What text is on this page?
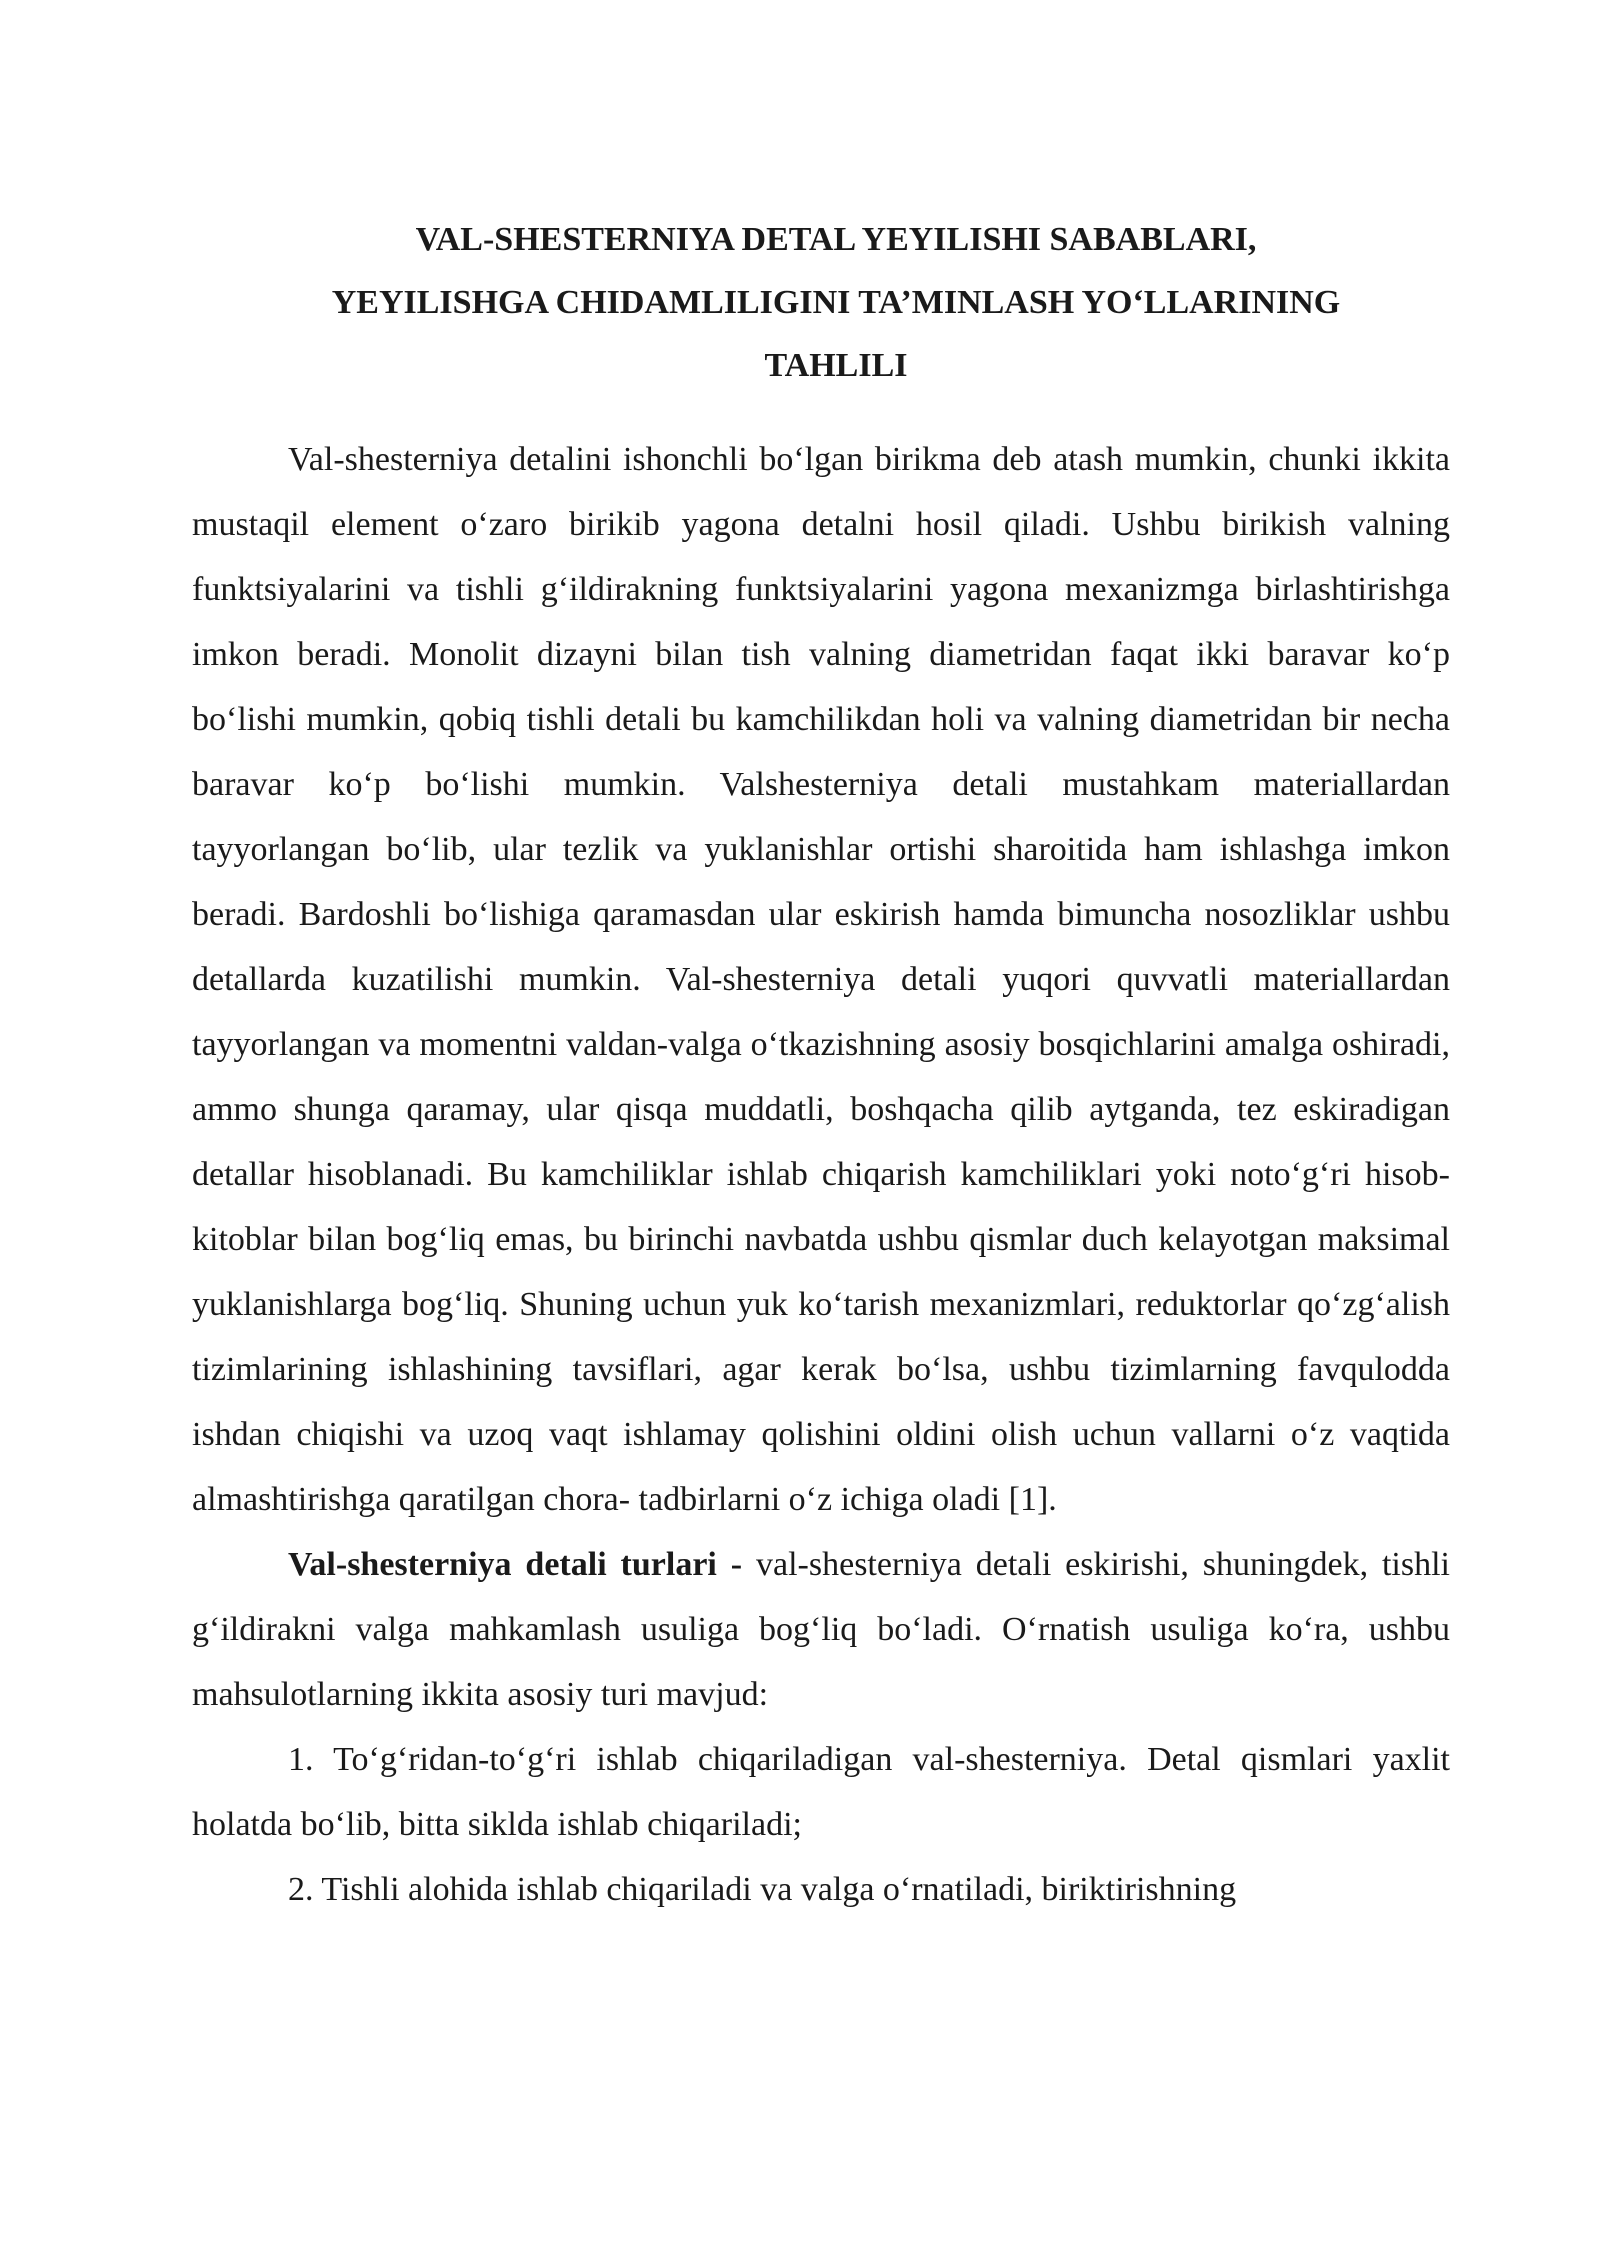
VAL-SHESTERNIYA DETAL YEYILISHI SABABLARI,
YEYILISHGA CHIDAMLILIGINI TA’MINLASH YO‘LLARINING
TAHLILI

Val-shesterniya detalini ishonchli bo‘lgan birikma deb atash mumkin, chunki ikkita mustaqil element o‘zaro birikib yagona detalni hosil qiladi. Ushbu birikish valning funktsiyalarini va tishli g‘ildirakning funktsiyalarini yagona mexanizmga birlashtirishga imkon beradi. Monolit dizayni bilan tish valning diametridan faqat ikki baravar ko‘p bo‘lishi mumkin, qobiq tishli detali bu kamchilikdan holi va valning diametridan bir necha baravar ko‘p bo‘lishi mumkin. Valshesterniya detali mustahkam materiallardan tayyorlangan bo‘lib, ular tezlik va yuklanishlar ortishi sharoitida ham ishlashga imkon beradi. Bardoshli bo‘lishiga qaramasdan ular eskirish hamda bimuncha nosozliklar ushbu detallarda kuzatilishi mumkin. Val-shesterniya detali yuqori quvvatli materiallardan tayyorlangan va momentni valdan-valga o‘tkazishning asosiy bosqichlarini amalga oshiradi, ammo shunga qaramay, ular qisqa muddatli, boshqacha qilib aytganda, tez eskiradigan detallar hisoblanadi. Bu kamchiliklar ishlab chiqarish kamchiliklari yoki noto‘g‘ri hisob-kitoblar bilan bog‘liq emas, bu birinchi navbatda ushbu qismlar duch kelayotgan maksimal yuklanishlarga bog‘liq. Shuning uchun yuk ko‘tarish mexanizmlari, reduktorlar qo‘zg‘alish tizimlarining ishlashining tavsiflari, agar kerak bo‘lsa, ushbu tizimlarning favqulodda ishdan chiqishi va uzoq vaqt ishlamay qolishini oldini olish uchun vallarni o‘z vaqtida almashtirishga qaratilgan chora- tadbirlarni o‘z ichiga oladi [1].

Val-shesterniya detali turlari - val-shesterniya detali eskirishi, shuningdek, tishli g‘ildirakni valga mahkamlash usuliga bog‘liq bo‘ladi. O‘rnatish usuliga ko‘ra, ushbu mahsulotlarning ikkita asosiy turi mavjud:

1. To‘g‘ridan-to‘g‘ri ishlab chiqariladigan val-shesterniya. Detal qismlari yaxlit holatda bo‘lib, bitta siklda ishlab chiqariladi;

2. Tishli alohida ishlab chiqariladi va valga o‘rnatiladi, biriktirishning
